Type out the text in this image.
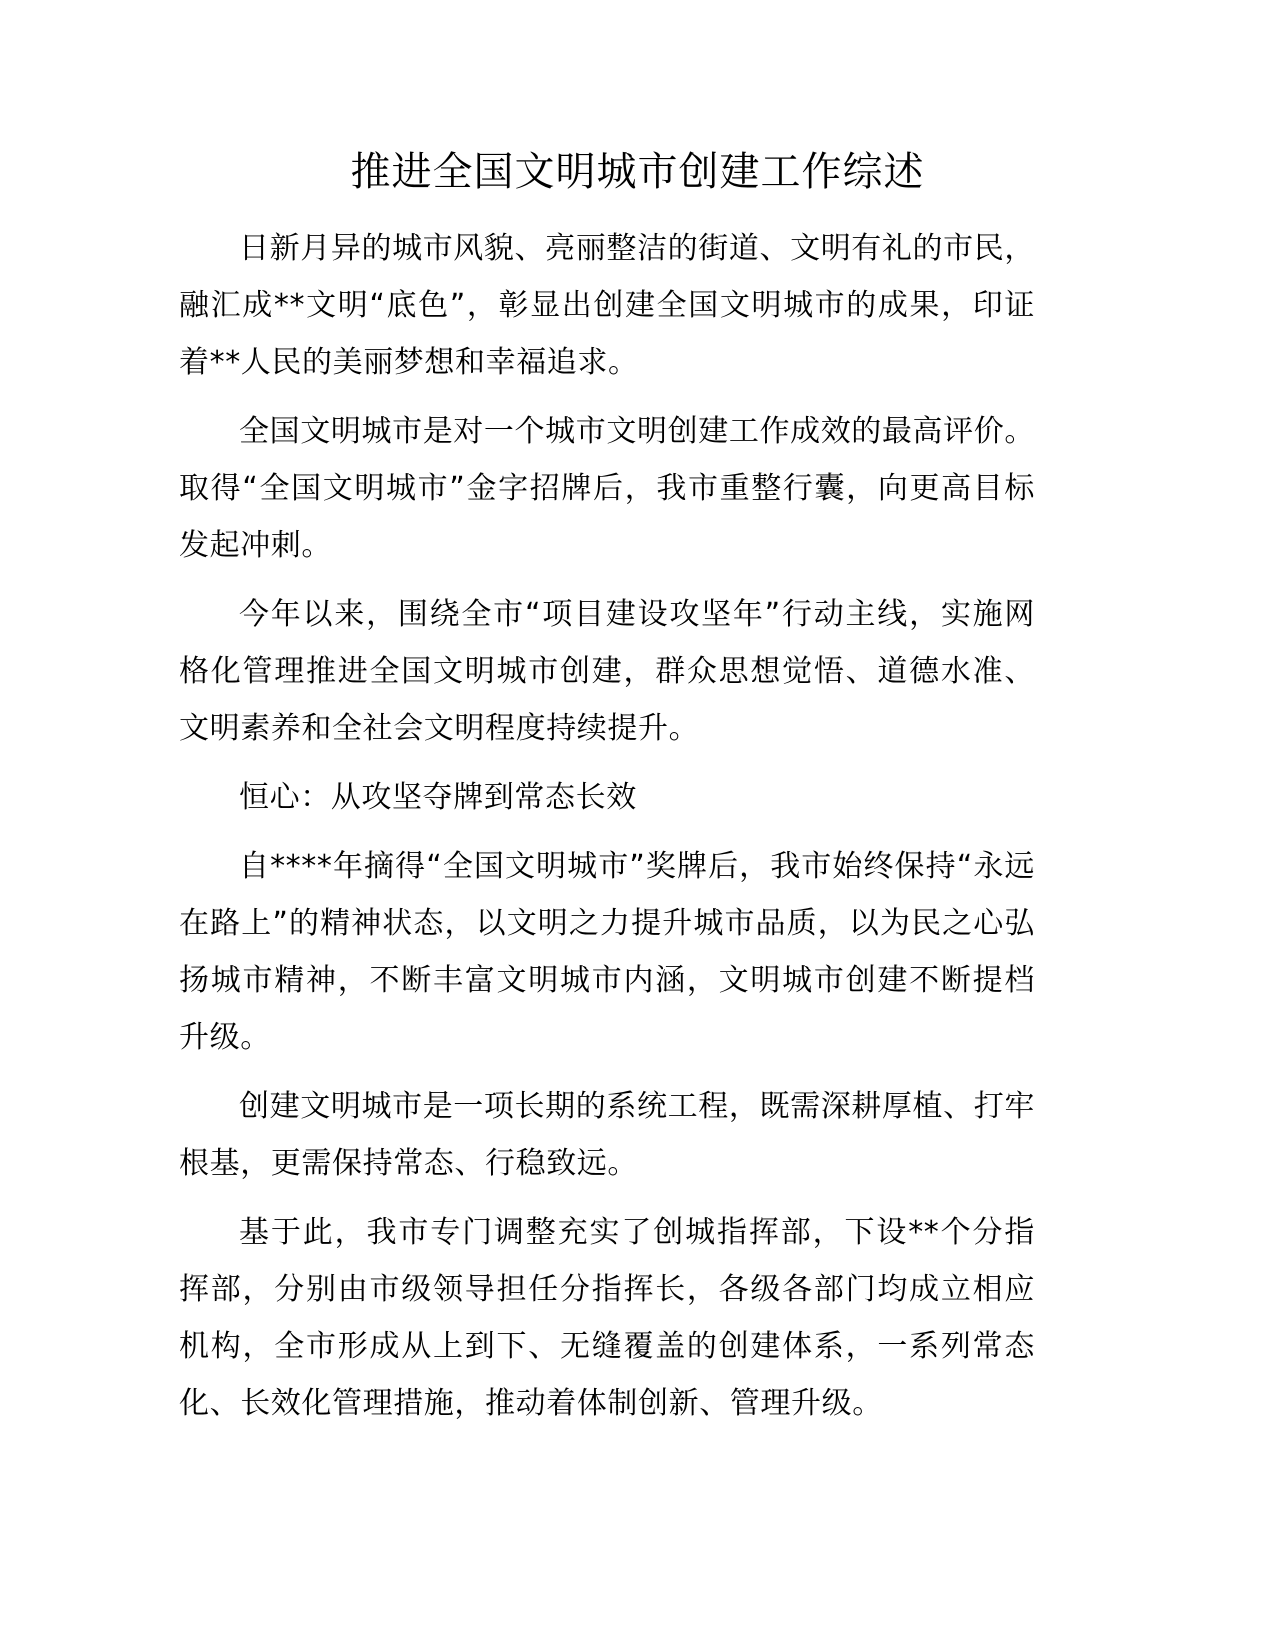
推进全国文明城市创建工作综述

日新月异的城市风貌、亮丽整洁的街道、文明有礼的市民，融汇成**文明“底色”，彰显出创建全国文明城市的成果，印证着**人民的美丽梦想和幸福追求。

全国文明城市是对一个城市文明创建工作成效的最高评价。取得“全国文明城市”金字招牌后，我市重整行囊，向更高目标发起冲刺。

今年以来，围绕全市“项目建设攻坚年”行动主线，实施网格化管理推进全国文明城市创建，群众思想觉悟、道德水准、文明素养和全社会文明程度持续提升。

恒心：从攻坚夺牌到常态长效

自****年摘得“全国文明城市”奖牌后，我市始终保持“永远在路上”的精神状态，以文明之力提升城市品质，以为民之心弘扬城市精神，不断丰富文明城市内涵，文明城市创建不断提档升级。

创建文明城市是一项长期的系统工程，既需深耕厚植、打牢根基，更需保持常态、行稳致远。

基于此，我市专门调整充实了创城指挥部，下设**个分指挥部，分别由市级领导担任分指挥长，各级各部门均成立相应机构，全市形成从上到下、无缝覆盖的创建体系，一系列常态化、长效化管理措施，推动着体制创新、管理升级。
